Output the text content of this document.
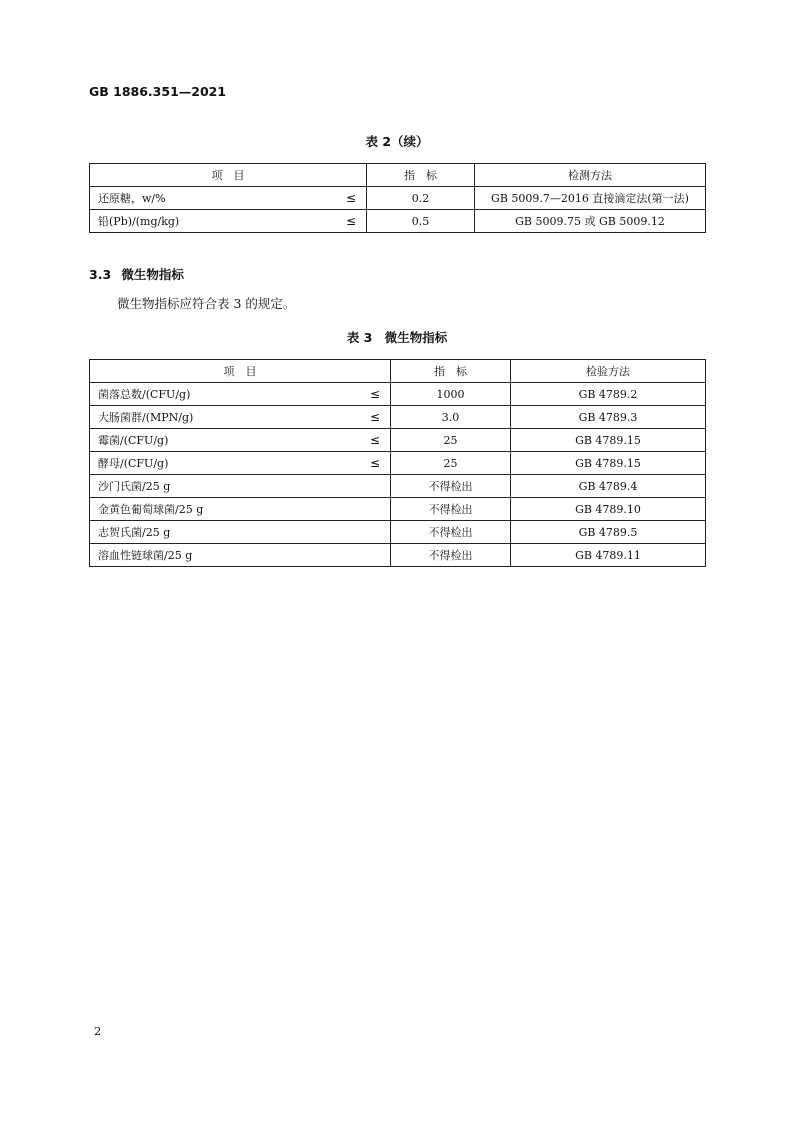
GB 1886.351—2021
表 2（续）
项　目	指　标	检测方法
还原糖，w/% ≤	0.2	GB 5009.7—2016 直接滴定法(第一法)
铅(Pb)/(mg/kg) ≤	0.5	GB 5009.75 或 GB 5009.12
3.3 微生物指标
微生物指标应符合表 3 的规定。
表 3　微生物指标
项　目	指　标	检验方法
菌落总数/(CFU/g) ≤	1000	GB 4789.2
大肠菌群/(MPN/g) ≤	3.0	GB 4789.3
霉菌/(CFU/g) ≤	25	GB 4789.15
酵母/(CFU/g) ≤	25	GB 4789.15
沙门氏菌/25 g	不得检出	GB 4789.4
金黄色葡萄球菌/25 g	不得检出	GB 4789.10
志贺氏菌/25 g	不得检出	GB 4789.5
溶血性链球菌/25 g	不得检出	GB 4789.11
2
